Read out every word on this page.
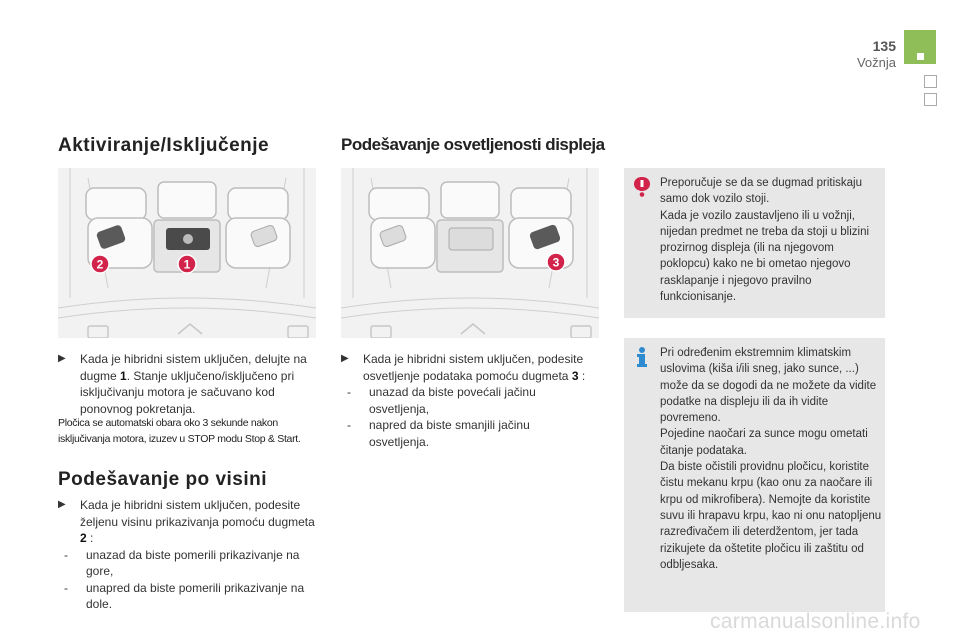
135
Vožnja
Aktiviranje/Isključenje	Podešavanje osvetljenosti displeja
2	1	3
▶ Kada je hibridni sistem uključen, delujte na dugme 1. Stanje uključeno/isključeno pri isključivanju motora je sačuvano kod ponovnog pokretanja.
Pločica se automatski obara oko 3 sekunde nakon isključivanja motora, izuzev u STOP modu Stop & Start.
Podešavanje po visini
▶ Kada je hibridni sistem uključen, podesite željenu visinu prikazivanja pomoću dugmeta 2 :
- unazad da biste pomerili prikazivanje na gore,
- unapred da biste pomerili prikazivanje na dole.
▶ Kada je hibridni sistem uključen, podesite osvetljenje podataka pomoću dugmeta 3 :
- unazad da biste povećali jačinu osvetljenja,
- napred da biste smanjili jačinu osvetljenja.
Preporučuje se da se dugmad pritiskaju samo dok vozilo stoji.
Kada je vozilo zaustavljeno ili u vožnji, nijedan predmet ne treba da stoji u blizini prozirnog displeja (ili na njegovom poklopcu) kako ne bi ometao njegovo rasklapanje i njegovo pravilno funkcionisanje.
Pri određenim ekstremnim klimatskim uslovima (kiša i/ili sneg, jako sunce, ...) može da se dogodi da ne možete da vidite podatke na displeju ili da ih vidite povremeno.
Pojedine naočari za sunce mogu ometati čitanje podataka.
Da biste očistili providnu pločicu, koristite čistu mekanu krpu (kao onu za naočare ili krpu od mikrofibera). Nemojte da koristite suvu ili hrapavu krpu, kao ni onu natopljenu razređivačem ili deterdžentom, jer tada rizikujete da oštetite pločicu ili zaštitu od odbljesaka.
carmanualsonline.info
